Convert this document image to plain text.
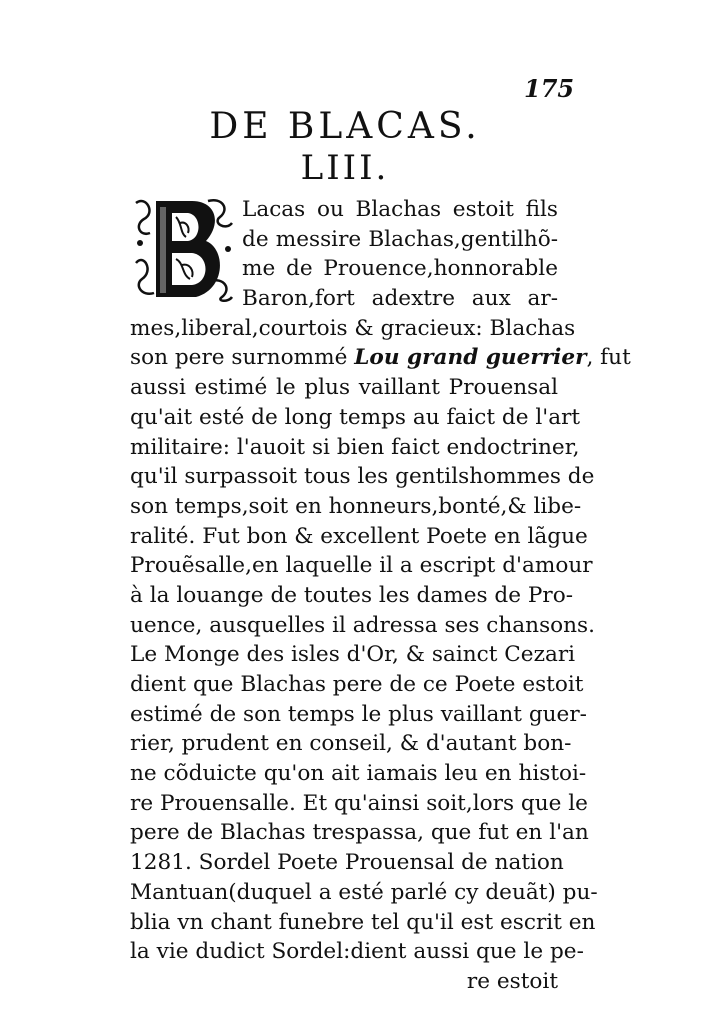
175
DE BLACAS.
LIII.
Lacas ou Blachas estoit fils
de messire Blachas,gentilhõ-
me de Prouence,honnorable
Baron,fort adextre aux ar-
mes,liberal,courtois & gracieux: Blachas
son pere surnommé Lou grand guerrier, fut
aussi estimé le plus vaillant Prouensal
qu'ait esté de long temps au faict de l'art
militaire: l'auoit si bien faict endoctriner,
qu'il surpassoit tous les gentilshommes de
son temps,soit en honneurs,bonté,& libe-
ralité. Fut bon & excellent Poete en lãgue
Prouẽsalle,en laquelle il a escript d'amour
à la louange de toutes les dames de Pro-
uence, ausquelles il adressa ses chansons.
Le Monge des isles d'Or, & sainct Cezari
dient que Blachas pere de ce Poete estoit
estimé de son temps le plus vaillant guer-
rier, prudent en conseil, & d'autant bon-
ne cõduicte qu'on ait iamais leu en histoi-
re Prouensalle. Et qu'ainsi soit,lors que le
pere de Blachas trespassa, que fut en l'an
1281. Sordel Poete Prouensal de nation
Mantuan(duquel a esté parlé cy deuãt) pu-
blia vn chant funebre tel qu'il est escrit en
la vie dudict Sordel:dient aussi que le pe-
re estoit
